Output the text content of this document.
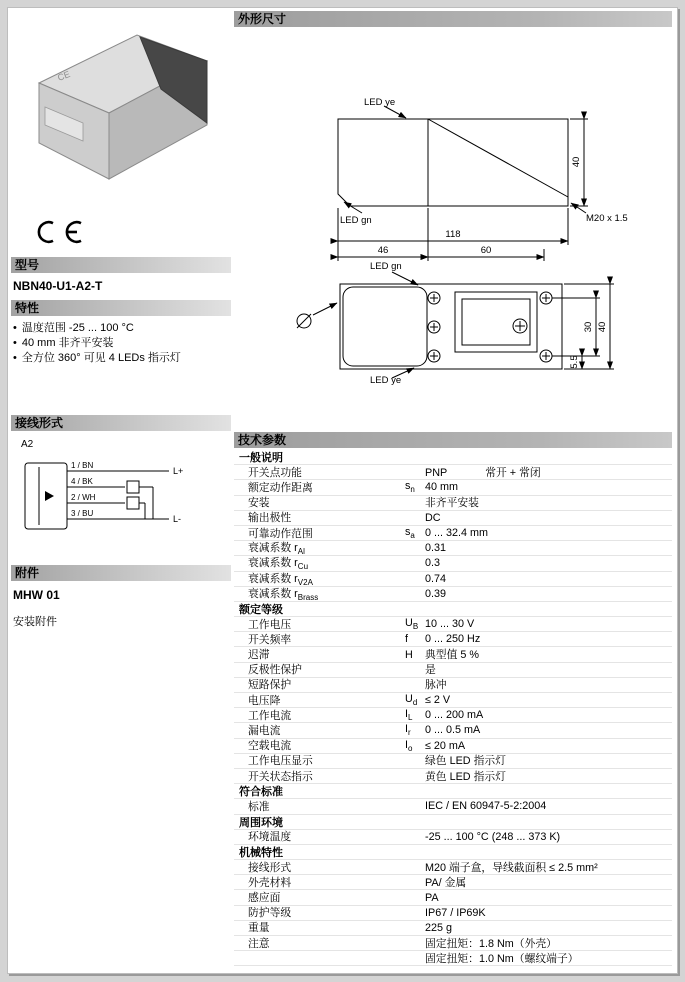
CE
型号
NBN40-U1-A2-T
特性
• 温度范围 -25 ... 100 °C
• 40 mm 非齐平安装
• 全方位 360° 可见 4 LEDs 指示灯
接线形式
A2
1 / BN
4 / BK
2 / WH
3 / BU
L+
L-
附件
MHW 01
安装附件
外形尺寸
LED ye
LED gn
40
M20 x 1.5
118
46	60
LED gn
LED ye
5.5
30 40
技术参数
一般说明
开关点功能	PNP	常开 + 常闭
额定动作距离	$s_n$ 40 mm
安装	非齐平安装
输出极性	DC
可靠动作范围	$s_a$ 0 ... 32.4 mm
衰减系数 $r_{Al}$	0.31
衰减系数 $r_{Cu}$	0.3
衰减系数 $r_{V2A}$	0.74
衰减系数 $r_{Brass}$	0.39
额定等级
工作电压	$U_B$ 10 ... 30 V
开关频率	f	0 ... 250 Hz
迟滞	H	典型值 5 %
反极性保护	是
短路保护	脉冲
电压降	$U_d \le 2$ V
工作电流	$I_L$	0 ... 200 mA
漏电流	$I_r$	0 ... 0.5 mA
空载电流	$I_o$	≤ 20 mA
工作电压显示	绿色 LED 指示灯
开关状态指示	黄色 LED 指示灯
符合标准
标准	IEC / EN 60947-5-2:2004
周围环境
环境温度	-25 ... 100 °C (248 ... 373 K)
机械特性
接线形式	M20 端子盒，导线截面积 ≤ 2.5 mm²
外壳材料	PA/ 金属
感应面	PA
防护等级	IP67 / IP69K
重量	225 g
注意	固定扭矩：1.8 Nm（外壳）
固定扭矩：1.0 Nm（螺纹端子）
